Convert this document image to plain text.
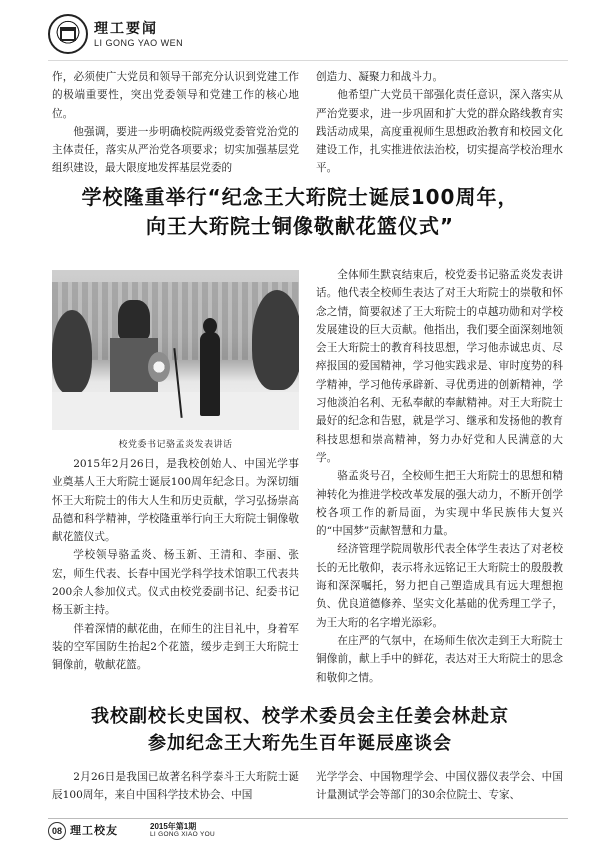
理工要闻
LI GONG YAO WEN

作，必须使广大党员和领导干部充分认识到党建工作的极端重要性，突出党委领导和党建工作的核心地位。

他强调，要进一步明确校院两级党委管党治党的主体责任，落实从严治党各项要求；切实加强基层党组织建设，最大限度地发挥基层党委的

创造力、凝聚力和战斗力。

他希望广大党员干部强化责任意识，深入落实从严治党要求，进一步巩固和扩大党的群众路线教育实践活动成果，高度重视师生思想政治教育和校园文化建设工作，扎实推进依法治校，切实提高学校治理水平。

学校隆重举行“纪念王大珩院士诞辰100周年，
向王大珩院士铜像敬献花篮仪式”
校党委书记骆孟炎发表讲话

2015年2月26日，是我校创始人、中国光学事业奠基人王大珩院士诞辰100周年纪念日。为深切缅怀王大珩院士的伟大人生和历史贡献，学习弘扬崇高品德和科学精神，学校隆重举行向王大珩院士铜像敬献花篮仪式。

学校领导骆孟炎、杨玉新、王清和、李丽、张宏，师生代表、长春中国光学科学技术馆职工代表共200余人参加仪式。仪式由校党委副书记、纪委书记杨玉新主持。

伴着深情的献花曲，在师生的注目礼中，身着军装的空军国防生抬起2个花篮，缓步走到王大珩院士铜像前，敬献花篮。

全体师生默哀结束后，校党委书记骆孟炎发表讲话。他代表全校师生表达了对王大珩院士的崇敬和怀念之情，简要叙述了王大珩院士的卓越功勋和对学校发展建设的巨大贡献。他指出，我们要全面深刻地领会王大珩院士的教育科技思想，学习他赤诚忠贞、尽瘁报国的爱国精神，学习他实践求是、审时度势的科学精神，学习他传承辟新、寻优勇进的创新精神，学习他淡泊名利、无私奉献的奉献精神。对王大珩院士最好的纪念和告慰，就是学习、继承和发扬他的教育科技思想和崇高精神，努力办好党和人民满意的大学。

骆孟炎号召，全校师生把王大珩院士的思想和精神转化为推进学校改革发展的强大动力，不断开创学校各项工作的新局面，为实现中华民族伟大复兴的“中国梦”贡献智慧和力量。

经济管理学院周敬彤代表全体学生表达了对老校长的无比敬仰，表示将永远铭记王大珩院士的殷殷教诲和深深嘱托，努力把自己塑造成具有远大理想抱负、优良道德修养、坚实文化基础的优秀理工学子，为王大珩的名字增光添彩。

在庄严的气氛中，在场师生依次走到王大珩院士铜像前，献上手中的鲜花，表达对王大珩院士的思念和敬仰之情。

我校副校长史国权、校学术委员会主任姜会林赴京
参加纪念王大珩先生百年诞辰座谈会

2月26日是我国已故著名科学泰斗王大珩院士诞辰100周年，来自中国科学技术协会、中国

光学学会、中国物理学会、中国仪器仪表学会、中国计量测试学会等部门的30余位院士、专家、

08 理工校友	2015年第1期
LI GONG XIAO YOU
